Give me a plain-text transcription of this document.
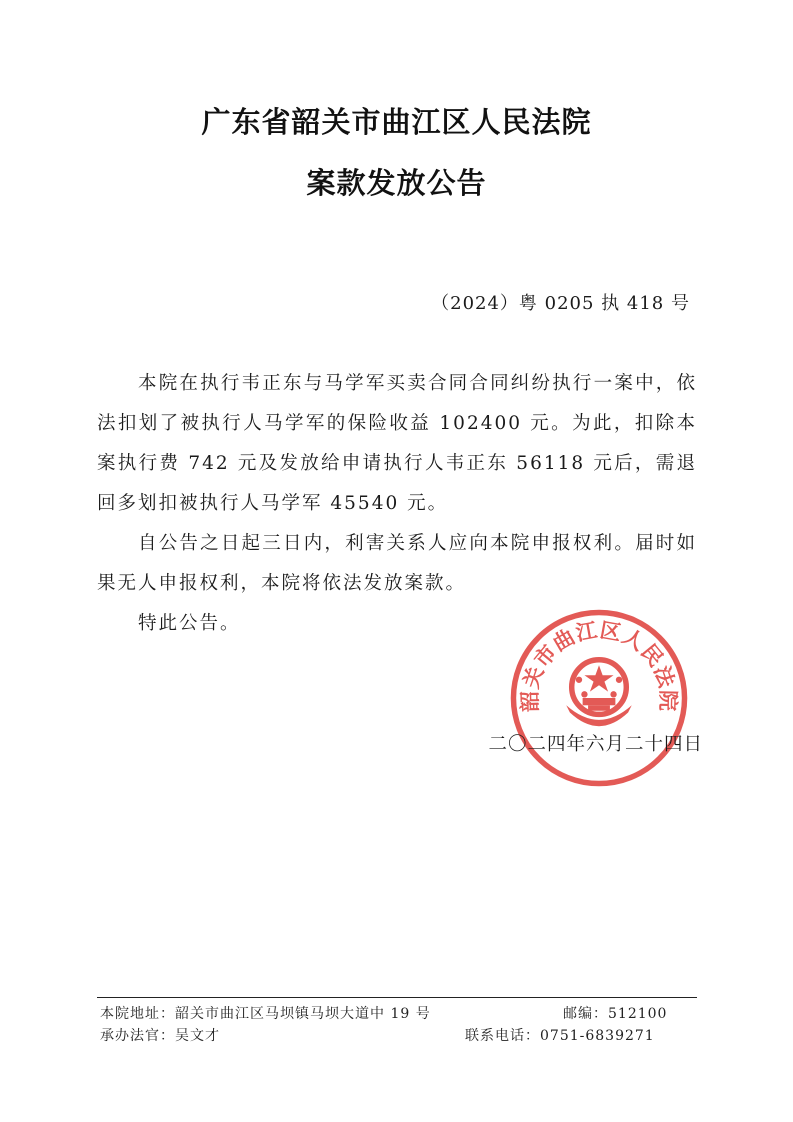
广东省韶关市曲江区人民法院
案款发放公告
（2024）粤 0205 执 418 号

本院在执行韦正东与马学军买卖合同合同纠纷执行一案中，依法扣划了被执行人马学军的保险收益 102400 元。为此，扣除本案执行费 742 元及发放给申请执行人韦正东 56118 元后，需退回多划扣被执行人马学军 45540 元。

自公告之日起三日内，利害关系人应向本院申报权利。届时如果无人申报权利，本院将依法发放案款。

特此公告。

韶关市曲江区人民法院
二〇二四年六月二十四日
本院地址：韶关市曲江区马坝镇马坝大道中 19 号	邮编：512100
承办法官：吴文才	联系电话：0751-6839271
